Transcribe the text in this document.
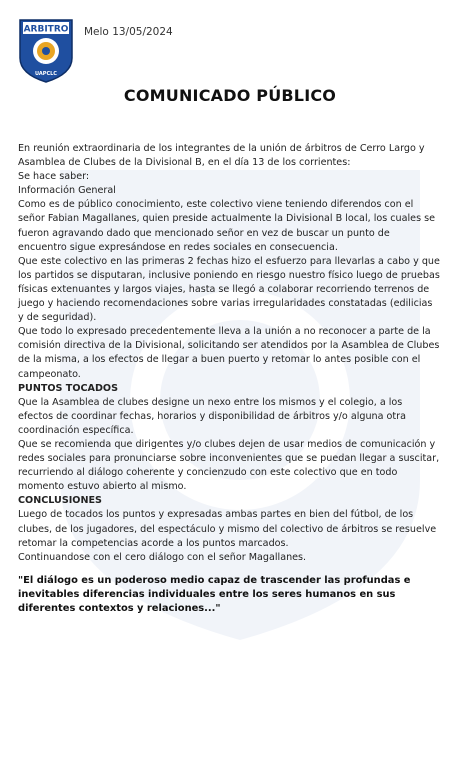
ARBITRO
UAPCLC
Melo 13/05/2024
COMUNICADO PÚBLICO

En reunión extraordinaria de los integrantes de la unión de árbitros de Cerro Largo y Asamblea de Clubes de la Divisional B, en el día 13 de los corrientes:

Se hace saber:

Información General

Como es de público conocimiento, este colectivo viene teniendo diferendos con el señor Fabian Magallanes, quien preside actualmente la Divisional B local, los cuales se fueron agravando dado que mencionado señor en vez de buscar un punto de encuentro sigue expresándose en redes sociales en consecuencia.

Que este colectivo en las primeras 2 fechas hizo el esfuerzo para llevarlas a cabo y que los partidos se disputaran, inclusive poniendo en riesgo nuestro físico luego de pruebas físicas extenuantes y largos viajes, hasta se llegó a colaborar recorriendo terrenos de juego y haciendo recomendaciones sobre varias irregularidades constatadas (edilicias y de seguridad).

Que todo lo expresado precedentemente lleva a la unión a no reconocer a parte de la comisión directiva de la Divisional, solicitando ser atendidos por la Asamblea de Clubes de la misma, a los efectos de llegar a buen puerto y retomar lo antes posible con el campeonato.

PUNTOS TOCADOS

Que la Asamblea de clubes designe un nexo entre los mismos y el colegio, a los efectos de coordinar fechas, horarios y disponibilidad de árbitros y/o alguna otra coordinación específica.

Que se recomienda que dirigentes y/o clubes dejen de usar medios de comunicación y redes sociales para pronunciarse sobre inconvenientes que se puedan llegar a suscitar, recurriendo al diálogo coherente y concienzudo con este colectivo que en todo momento estuvo abierto al mismo.

CONCLUSIONES

Luego de tocados los puntos y expresadas ambas partes en bien del fútbol, de los clubes, de los jugadores, del espectáculo y mismo del colectivo de árbitros se resuelve retomar la competencias acorde a los puntos marcados.

Continuandose con el cero diálogo con el señor Magallanes.

"El diálogo es un poderoso medio capaz de trascender las profundas e inevitables diferencias individuales entre los seres humanos en sus diferentes contextos y relaciones..."
